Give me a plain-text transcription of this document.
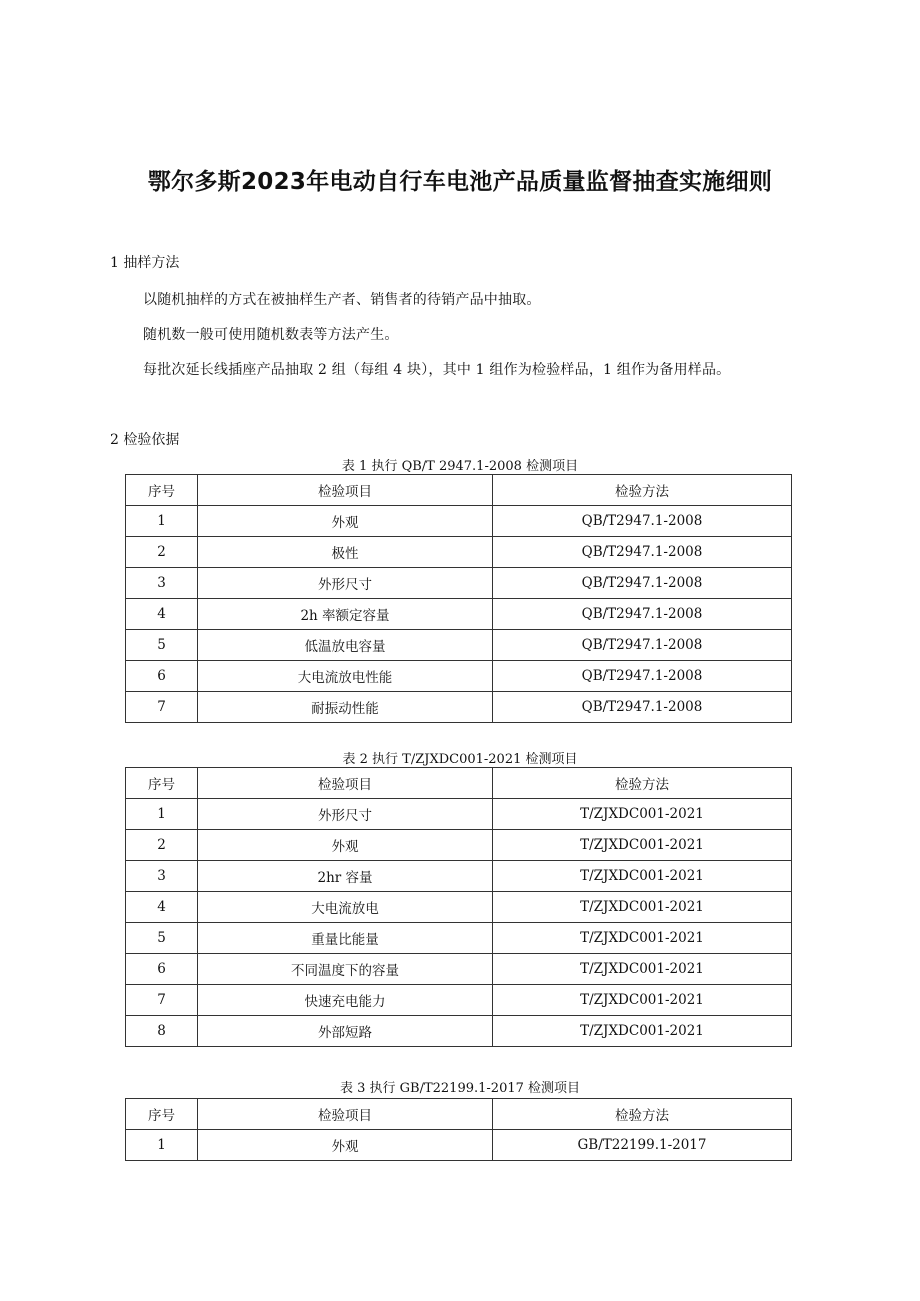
鄂尔多斯2023年电动自行车电池产品质量监督抽查实施细则
1 抽样方法
以随机抽样的方式在被抽样生产者、销售者的待销产品中抽取。
随机数一般可使用随机数表等方法产生。
每批次延长线插座产品抽取 2 组（每组 4 块），其中 1 组作为检验样品，1 组作为备用样品。
2 检验依据
表 1 执行 QB∕T 2947.1-2008 检测项目
序号	检验项目	检验方法
1	外观	QB/T2947.1-2008
2	极性	QB/T2947.1-2008
3	外形尺寸	QB/T2947.1-2008
4	2h 率额定容量	QB/T2947.1-2008
5	低温放电容量	QB/T2947.1-2008
6	大电流放电性能	QB/T2947.1-2008
7	耐振动性能	QB/T2947.1-2008
表 2 执行 T/ZJXDC001-2021 检测项目
序号	检验项目	检验方法
1	外形尺寸	T/ZJXDC001-2021
2	外观	T/ZJXDC001-2021
3	2hr 容量	T/ZJXDC001-2021
4	大电流放电	T/ZJXDC001-2021
5	重量比能量	T/ZJXDC001-2021
6	不同温度下的容量	T/ZJXDC001-2021
7	快速充电能力	T/ZJXDC001-2021
8	外部短路	T/ZJXDC001-2021
表 3 执行 GB/T22199.1-2017 检测项目
序号	检验项目	检验方法
1	外观	GB/T22199.1-2017
